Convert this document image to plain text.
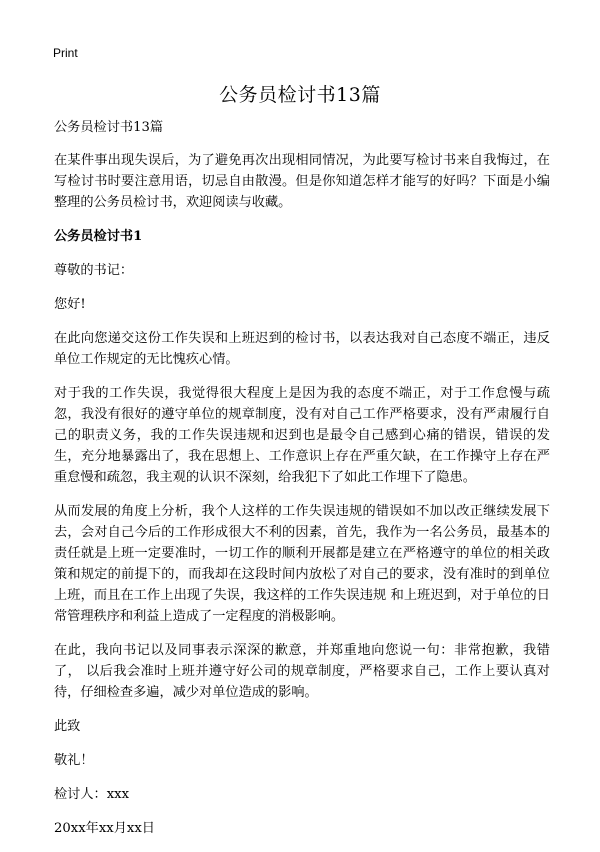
Print
公务员检讨书13篇

公务员检讨书13篇

在某件事出现失误后，为了避免再次出现相同情况，为此要写检讨书来自我悔过，在写检讨书时要注意用语，切忌自由散漫。但是你知道怎样才能写的好吗？下面是小编整理的公务员检讨书，欢迎阅读与收藏。

公务员检讨书1

尊敬的书记：

您好!

在此向您递交这份工作失误和上班迟到的检讨书，以表达我对自己态度不端正，违反单位工作规定的无比愧疚心情。

对于我的工作失误，我觉得很大程度上是因为我的态度不端正，对于工作怠慢与疏忽，我没有很好的遵守单位的规章制度，没有对自己工作严格要求，没有严肃履行自己的职责义务，我的工作失误违规和迟到也是最令自己感到心痛的错误，错误的发生，充分地暴露出了，我在思想上、工作意识上存在严重欠缺，在工作操守上存在严重怠慢和疏忽，我主观的认识不深刻，给我犯下了如此工作埋下了隐患。

从而发展的角度上分析，我个人这样的工作失误违规的错误如不加以改正继续发展下去，会对自己今后的工作形成很大不利的因素，首先，我作为一名公务员，最基本的责任就是上班一定要准时，一切工作的顺利开展都是建立在严格遵守的单位的相关政策和规定的前提下的，而我却在这段时间内放松了对自己的要求，没有准时的到单位上班，而且在工作上出现了失误，我这样的工作失误违规 和上班迟到，对于单位的日常管理秩序和利益上造成了一定程度的消极影响。

在此，我向书记以及同事表示深深的歉意，并郑重地向您说一句：非常抱歉，我错了， 以后我会准时上班并遵守好公司的规章制度，严格要求自己，工作上要认真对待，仔细检查多遍，减少对单位造成的影响。

此致

敬礼！

检讨人：xxx

20xx年xx月xx日
